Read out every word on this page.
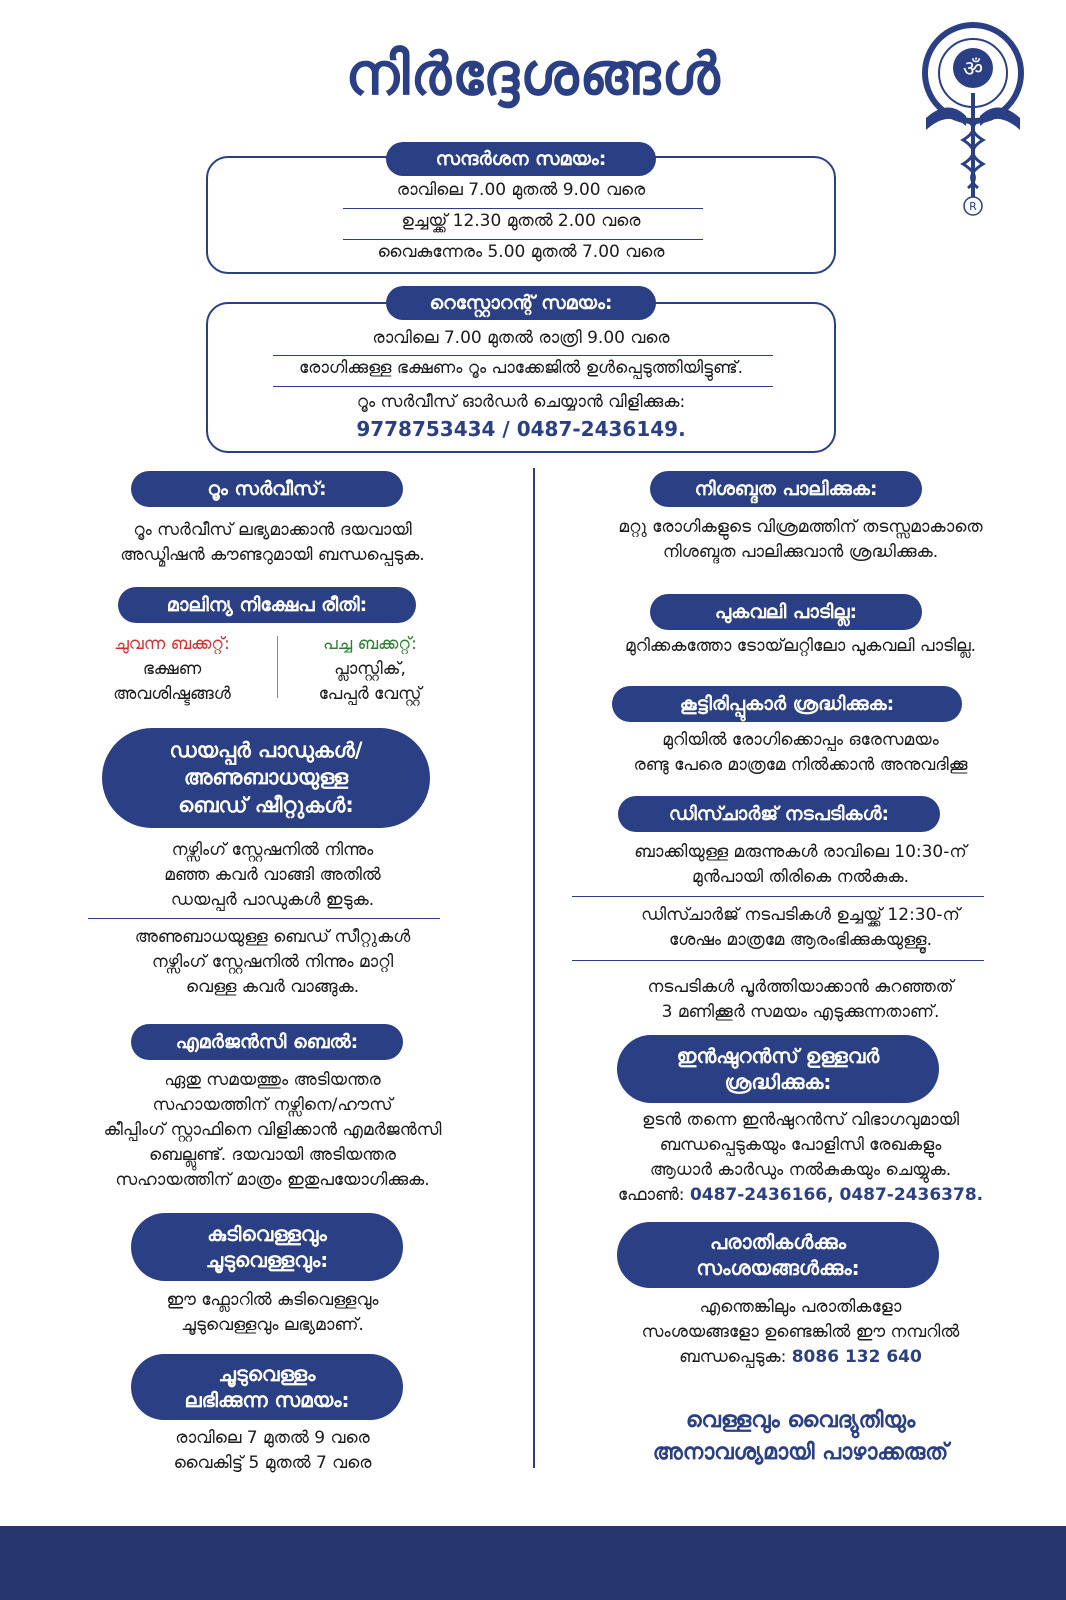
നിർദ്ദേശങ്ങൾ	ॐ
R
രാവിലെ 7.00 മുതൽ 9.00 വരെ
ഉച്ചയ്ക്ക് 12.30 മുതൽ 2.00 വരെ
വൈകുന്നേരം 5.00 മുതൽ 7.00 വരെ
സന്ദർശന സമയം:
രാവിലെ 7.00 മുതൽ രാത്രി 9.00 വരെ
രോഗിക്കുള്ള ഭക്ഷണം റൂം പാക്കേജിൽ ഉൾപ്പെടുത്തിയിട്ടുണ്ട്.
റൂം സർവീസ് ഓർഡർ ചെയ്യാൻ വിളിക്കുക:
9778753434 / 0487-2436149.
റെസ്റ്റോറന്റ് സമയം:
റൂം സർവീസ്:
റൂം സർവീസ് ലഭ്യമാക്കാൻ ദയവായി
അഡ്മിഷൻ കൗണ്ടറുമായി ബന്ധപ്പെടുക.
മാലിന്യ നിക്ഷേപ രീതി:
ചുവന്ന ബക്കറ്റ്:
ഭക്ഷണ
അവശിഷ്ടങ്ങൾ
പച്ച ബക്കറ്റ്:
പ്ലാസ്റ്റിക്,
പേപ്പർ വേസ്റ്റ്
ഡയപ്പർ പാഡുകൾ/
അണുബാധയുള്ള
ബെഡ് ഷീറ്റുകൾ:
നഴ്സിംഗ് സ്റ്റേഷനിൽ നിന്നും
മഞ്ഞ കവർ വാങ്ങി അതിൽ
ഡയപ്പർ പാഡുകൾ ഇടുക.
അണുബാധയുള്ള ബെഡ് സീറ്റുകൾ
നഴ്സിംഗ് സ്റ്റേഷനിൽ നിന്നും മാറ്റി
വെള്ള കവർ വാങ്ങുക.
എമർജൻസി ബെൽ:
ഏതു സമയത്തും അടിയന്തര
സഹായത്തിന് നഴ്സിനെ/ഹൗസ്
കീപ്പിംഗ് സ്റ്റാഫിനെ വിളിക്കാൻ എമർജൻസി
ബെല്ലുണ്ട്. ദയവായി അടിയന്തര
സഹായത്തിന് മാത്രം ഇതുപയോഗിക്കുക.
കുടിവെള്ളവും
ചൂടുവെള്ളവും:
ഈ ഫ്ലോറിൽ കുടിവെള്ളവും
ചൂടുവെള്ളവും ലഭ്യമാണ്.
ചൂടുവെള്ളം
ലഭിക്കുന്ന സമയം:
രാവിലെ 7 മുതൽ 9 വരെ
വൈകിട്ട് 5 മുതൽ 7 വരെ
നിശബ്ദത പാലിക്കുക:
മറ്റു രോഗികളുടെ വിശ്രമത്തിന് തടസ്സമാകാതെ
നിശബ്ദത പാലിക്കുവാൻ ശ്രദ്ധിക്കുക.
പുകവലി പാടില്ല:
മുറിക്കകത്തോ ടോയ്‌ലറ്റിലോ പുകവലി പാടില്ല.
കൂട്ടിരിപ്പുകാർ ശ്രദ്ധിക്കുക:
മുറിയിൽ രോഗിക്കൊപ്പം ഒരേസമയം
രണ്ടു പേരെ മാത്രമേ നിൽക്കാൻ അനുവദിക്കൂ
ഡിസ്ചാർജ് നടപടികൾ:
ബാക്കിയുള്ള മരുന്നുകൾ രാവിലെ 10:30-ന്
മുൻപായി തിരികെ നൽകുക.
ഡിസ്ചാർജ് നടപടികൾ ഉച്ചയ്ക്ക് 12:30-ന്
ശേഷം മാത്രമേ ആരംഭിക്കുകയുള്ളൂ.
നടപടികൾ പൂർത്തിയാക്കാൻ കുറഞ്ഞത്
3 മണിക്കൂർ സമയം എടുക്കുന്നതാണ്.
ഇൻഷുറൻസ് ഉള്ളവർ
ശ്രദ്ധിക്കുക:
ഉടൻ തന്നെ ഇൻഷുറൻസ് വിഭാഗവുമായി
ബന്ധപ്പെടുകയും പോളിസി രേഖകളും
ആധാർ കാർഡും നൽകുകയും ചെയ്യുക.
ഫോൺ: 0487-2436166, 0487-2436378.
പരാതികൾക്കും
സംശയങ്ങൾക്കും:
എന്തെങ്കിലും പരാതികളോ
സംശയങ്ങളോ ഉണ്ടെങ്കിൽ ഈ നമ്പറിൽ
ബന്ധപ്പെടുക: 8086 132 640
വെള്ളവും വൈദ്യുതിയും
അനാവശ്യമായി പാഴാക്കരുത്
